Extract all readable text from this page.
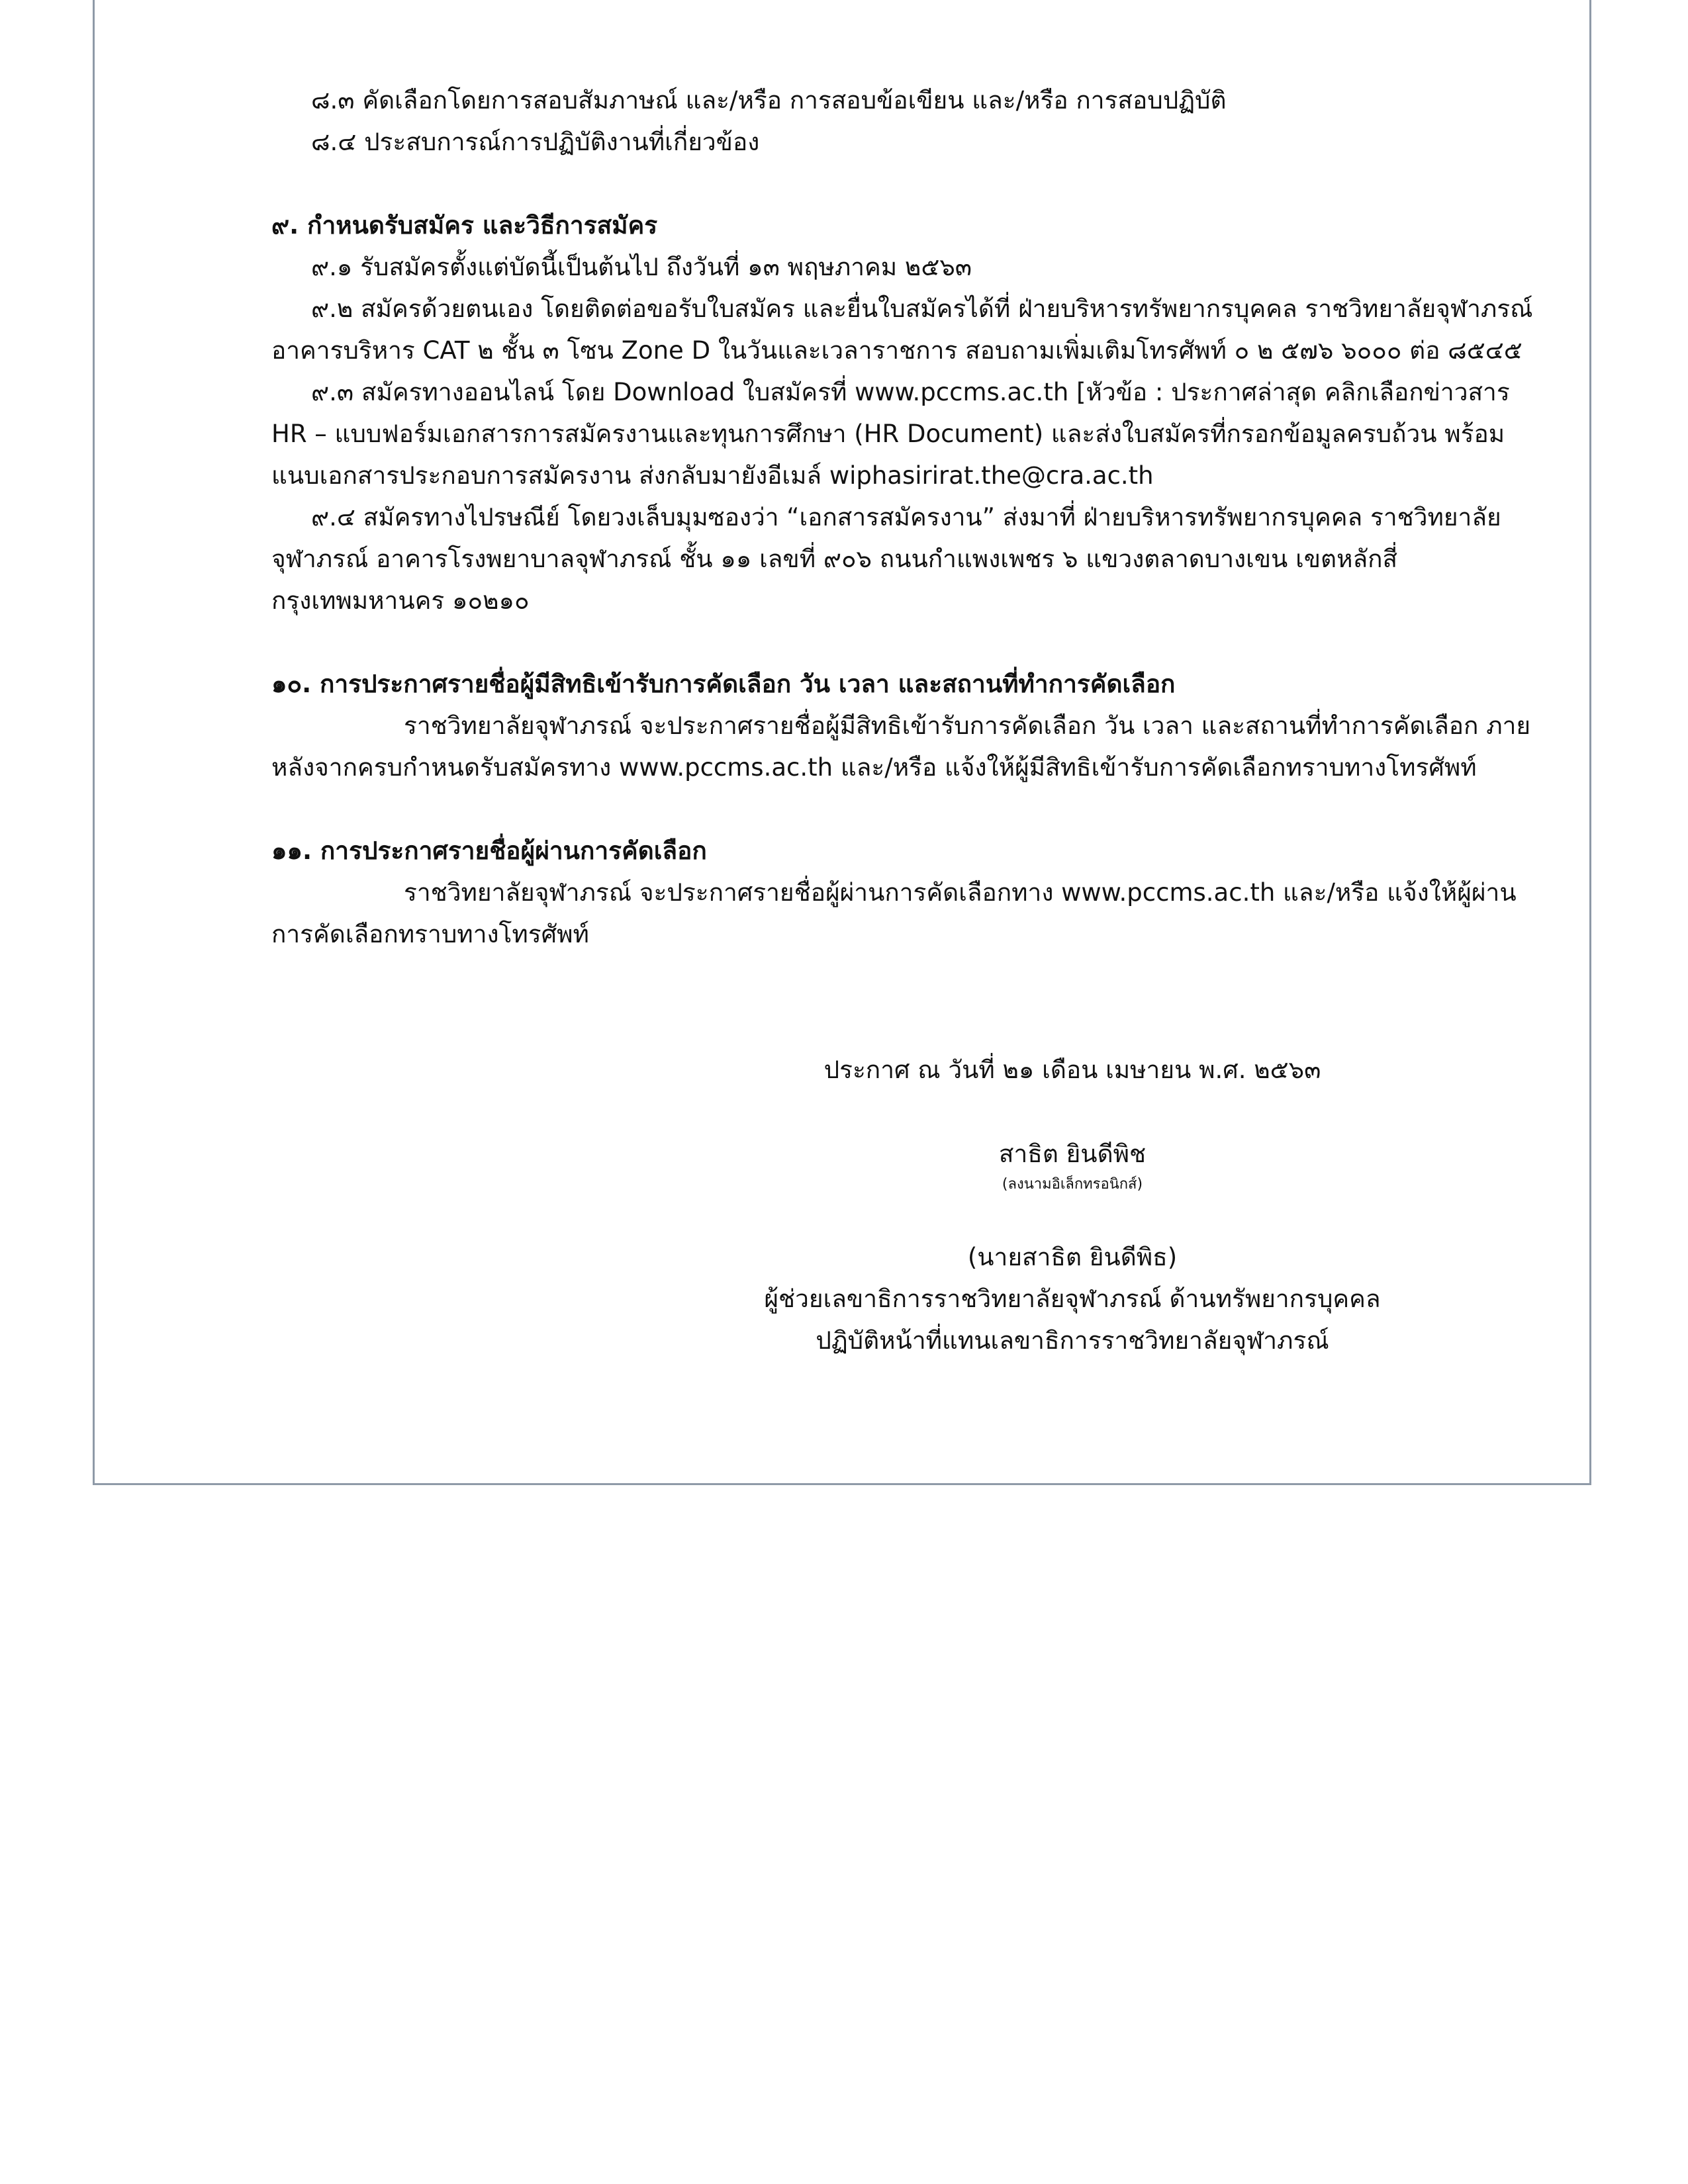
๘.๓ คัดเลือกโดยการสอบสัมภาษณ์ และ/หรือ การสอบข้อเขียน และ/หรือ การสอบปฏิบัติ
๘.๔ ประสบการณ์การปฏิบัติงานที่เกี่ยวข้อง
๙. กำหนดรับสมัคร และวิธีการสมัคร
๙.๑ รับสมัครตั้งแต่บัดนี้เป็นต้นไป ถึงวันที่ ๑๓ พฤษภาคม ๒๕๖๓
๙.๒ สมัครด้วยตนเอง โดยติดต่อขอรับใบสมัคร และยื่นใบสมัครได้ที่ ฝ่ายบริหารทรัพยากรบุคคล ราชวิทยาลัยจุฬาภรณ์
อาคารบริหาร CAT ๒ ชั้น ๓ โซน Zone D ในวันและเวลาราชการ สอบถามเพิ่มเติมโทรศัพท์ ๐ ๒ ๕๗๖ ๖๐๐๐ ต่อ ๘๕๔๕
๙.๓ สมัครทางออนไลน์ โดย Download ใบสมัครที่ www.pccms.ac.th [หัวข้อ : ประกาศล่าสุด คลิกเลือกข่าวสาร
HR – แบบฟอร์มเอกสารการสมัครงานและทุนการศึกษา (HR Document) และส่งใบสมัครที่กรอกข้อมูลครบถ้วน พร้อม
แนบเอกสารประกอบการสมัครงาน ส่งกลับมายังอีเมล์ wiphasirirat.the@cra.ac.th
๙.๔ สมัครทางไปรษณีย์ โดยวงเล็บมุมซองว่า “เอกสารสมัครงาน” ส่งมาที่ ฝ่ายบริหารทรัพยากรบุคคล ราชวิทยาลัย
จุฬาภรณ์ อาคารโรงพยาบาลจุฬาภรณ์ ชั้น ๑๑ เลขที่ ๙๐๖ ถนนกำแพงเพชร ๖ แขวงตลาดบางเขน เขตหลักสี่
กรุงเทพมหานคร ๑๐๒๑๐
๑๐. การประกาศรายชื่อผู้มีสิทธิเข้ารับการคัดเลือก วัน เวลา และสถานที่ทำการคัดเลือก
ราชวิทยาลัยจุฬาภรณ์ จะประกาศรายชื่อผู้มีสิทธิเข้ารับการคัดเลือก วัน เวลา และสถานที่ทำการคัดเลือก ภาย
หลังจากครบกำหนดรับสมัครทาง www.pccms.ac.th และ/หรือ แจ้งให้ผู้มีสิทธิเข้ารับการคัดเลือกทราบทางโทรศัพท์
๑๑. การประกาศรายชื่อผู้ผ่านการคัดเลือก
ราชวิทยาลัยจุฬาภรณ์ จะประกาศรายชื่อผู้ผ่านการคัดเลือกทาง www.pccms.ac.th และ/หรือ แจ้งให้ผู้ผ่าน
การคัดเลือกทราบทางโทรศัพท์
ประกาศ ณ วันที่ ๒๑ เดือน เมษายน พ.ศ. ๒๕๖๓
สาธิต ยินดีพิช
(ลงนามอิเล็กทรอนิกส์)
(นายสาธิต ยินดีพิธ)
ผู้ช่วยเลขาธิการราชวิทยาลัยจุฬาภรณ์ ด้านทรัพยากรบุคคล
ปฏิบัติหน้าที่แทนเลขาธิการราชวิทยาลัยจุฬาภรณ์
